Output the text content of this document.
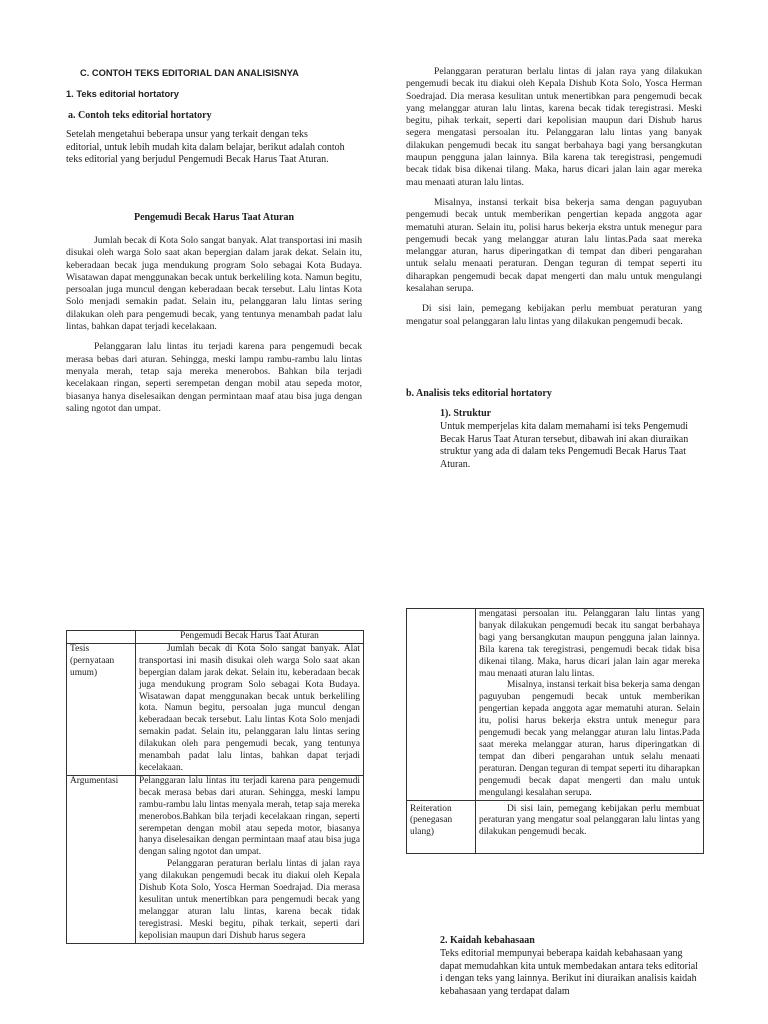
C. CONTOH TEKS EDITORIAL DAN ANALISISNYA
1. Teks editorial hortatory
a. Contoh teks editorial hortatory

Setelah mengetahui beberapa unsur yang terkait dengan teks editorial, untuk lebih mudah kita dalam belajar, berikut adalah contoh teks editorial yang berjudul Pengemudi Becak Harus Taat Aturan.

Pengemudi Becak Harus Taat Aturan

Jumlah becak di Kota Solo sangat banyak. Alat transportasi ini masih disukai oleh warga Solo saat akan bepergian dalam jarak dekat. Selain itu, keberadaan becak juga mendukung program Solo sebagai Kota Budaya. Wisatawan dapat menggunakan becak untuk berkeliling kota. Namun begitu, persoalan juga muncul dengan keberadaan becak tersebut. Lalu lintas Kota Solo menjadi semakin padat. Selain itu, pelanggaran lalu lintas sering dilakukan oleh para pengemudi becak, yang tentunya menambah padat lalu lintas, bahkan dapat terjadi kecelakaan.

Pelanggaran lalu lintas itu terjadi karena para pengemudi becak merasa bebas dari aturan. Sehingga, meski lampu rambu-rambu lalu lintas menyala merah, tetap saja mereka menerobos. Bahkan bila terjadi kecelakaan ringan, seperti serempetan dengan mobil atau sepeda motor, biasanya hanya diselesaikan dengan permintaan maaf atau bisa juga dengan saling ngotot dan umpat.

Pelanggaran peraturan berlalu lintas di jalan raya yang dilakukan pengemudi becak itu diakui oleh Kepala Dishub Kota Solo, Yosca Herman Soedrajad. Dia merasa kesulitan untuk menertibkan para pengemudi becak yang melanggar aturan lalu lintas, karena becak tidak teregistrasi. Meski begitu, pihak terkait, seperti dari kepolisian maupun dari Dishub harus segera mengatasi persoalan itu. Pelanggaran lalu lintas yang banyak dilakukan pengemudi becak itu sangat berbahaya bagi yang bersangkutan maupun pengguna jalan lainnya. Bila karena tak teregistrasi, pengemudi becak tidak bisa dikenai tilang. Maka, harus dicari jalan lain agar mereka mau menaati aturan lalu lintas.

Misalnya, instansi terkait bisa bekerja sama dengan paguyuban pengemudi becak untuk memberikan pengertian kepada anggota agar mematuhi aturan. Selain itu, polisi harus bekerja ekstra untuk menegur para pengemudi becak yang melanggar aturan lalu lintas.Pada saat mereka melanggar aturan, harus diperingatkan di tempat dan diberi pengarahan untuk selalu menaati peraturan. Dengan teguran di tempat seperti itu diharapkan pengemudi becak dapat mengerti dan malu untuk mengulangi kesalahan serupa.

Di sisi lain, pemegang kebijakan perlu membuat peraturan yang mengatur soal pelanggaran lalu lintas yang dilakukan pengemudi becak.

b. Analisis teks editorial hortatory
1). Struktur

Untuk memperjelas kita dalam memahami isi teks Pengemudi Becak Harus Taat Aturan tersebut, dibawah ini akan diuraikan struktur yang ada di dalam teks Pengemudi Becak Harus Taat Aturan.

	Pengemudi Becak Harus Taat Aturan
Tesis (pernyataan umum)	Jumlah becak di Kota Solo sangat banyak. Alat transportasi ini masih disukai oleh warga Solo saat akan bepergian dalam jarak dekat. Selain itu, keberadaan becak juga mendukung program Solo sebagai Kota Budaya. Wisatawan dapat menggunakan becak untuk berkeliling kota. Namun begitu, persoalan juga muncul dengan keberadaan becak tersebut. Lalu lintas Kota Solo menjadi semakin padat. Selain itu, pelanggaran lalu lintas sering dilakukan oleh para pengemudi becak, yang tentunya menambah padat lalu lintas, bahkan dapat terjadi kecelakaan.

Argumentasi	Pelanggaran lalu lintas itu terjadi karena para pengemudi becak merasa bebas dari aturan. Sehingga, meski lampu rambu-rambu lalu lintas menyala merah, tetap saja mereka menerobos.Bahkan bila terjadi kecelakaan ringan, seperti serempetan dengan mobil atau sepeda motor, biasanya hanya diselesaikan dengan permintaan maaf atau bisa juga dengan saling ngotot dan umpat.

Pelanggaran peraturan berlalu lintas di jalan raya yang dilakukan pengemudi becak itu diakui oleh Kepala Dishub Kota Solo, Yosca Herman Soedrajad. Dia merasa kesulitan untuk menertibkan para pengemudi becak yang melanggar aturan lalu lintas, karena becak tidak teregistrasi. Meski begitu, pihak terkait, seperti dari kepolisian maupun dari Dishub harus segera

	mengatasi persoalan itu. Pelanggaran lalu lintas yang banyak dilakukan pengemudi becak itu sangat berbahaya bagi yang bersangkutan maupun pengguna jalan lainnya. Bila karena tak teregistrasi, pengemudi becak tidak bisa dikenai tilang. Maka, harus dicari jalan lain agar mereka mau menaati aturan lalu lintas.

Misalnya, instansi terkait bisa bekerja sama dengan paguyuban pengemudi becak untuk memberikan pengertian kepada anggota agar mematuhi aturan. Selain itu, polisi harus bekerja ekstra untuk menegur para pengemudi becak yang melanggar aturan lalu lintas.Pada saat mereka melanggar aturan, harus diperingatkan di tempat dan diberi pengarahan untuk selalu menaati peraturan. Dengan teguran di tempat seperti itu diharapkan pengemudi becak dapat mengerti dan malu untuk mengulangi kesalahan serupa.

Reiteration (penegasan ulang)	Di sisi lain, pemegang kebijakan perlu membuat peraturan yang mengatur soal pelanggaran lalu lintas yang dilakukan pengemudi becak.

2. Kaidah kebahasaan

Teks editorial mempunyai beberapa kaidah kebahasaan yang dapat memudahkan kita untuk membedakan antara teks editorial i dengan teks yang lainnya. Berikut ini diuraikan analisis kaidah kebahasaan yang terdapat dalam
